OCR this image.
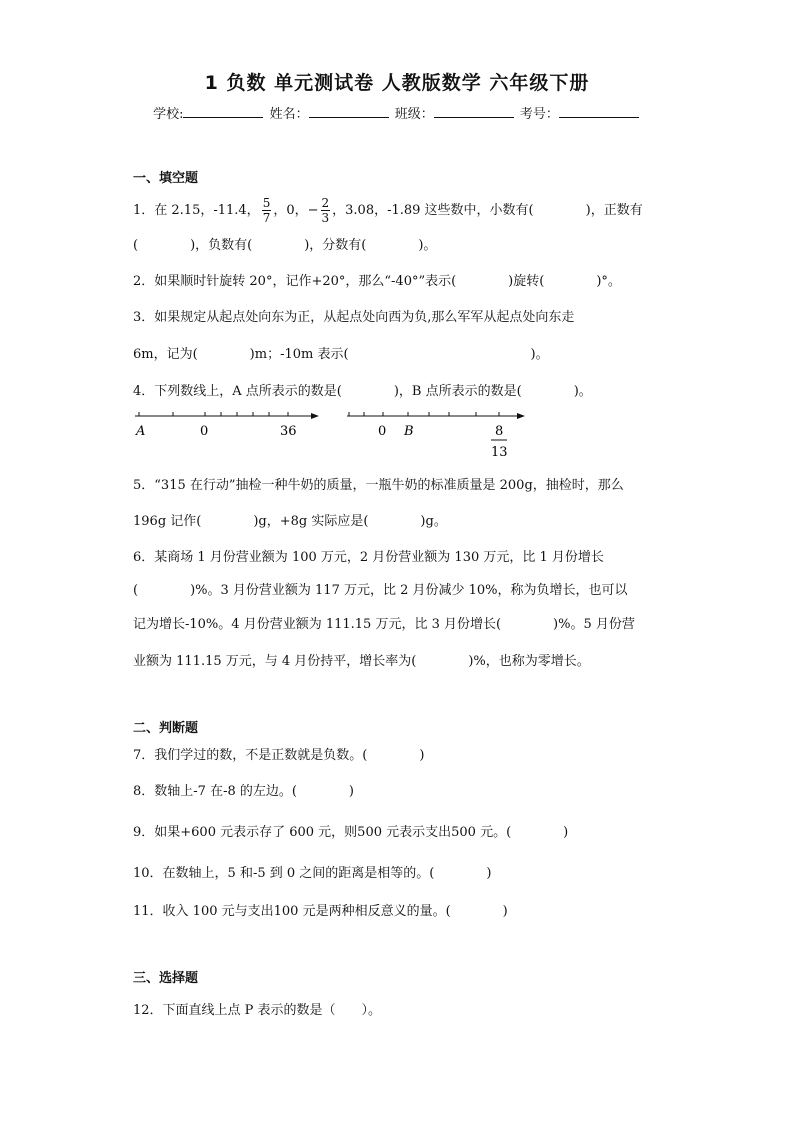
1 负数 单元测试卷 人教版数学 六年级下册
学校:	姓名：	班级：	考号：
一、填空题
1．在 2.15，-11.4， $\frac{5}{7}$ ，0，− $\frac{2}{3}$ ，3.08，-1.89 这些数中，小数有(　　　　)，正数有
(　　　　)，负数有(　　　　)，分数有(　　　　)。
2．如果顺时针旋转 20°，记作+20°，那么“-40°”表示(　　　　)旋转(　　　　)°。
3．如果规定从起点处向东为正，从起点处向西为负,那么军军从起点处向东走
6m，记为(　　　　)m；-10m 表示(　　　　　　　　　　　　　　)。
4．下列数线上，A 点所表示的数是(　　　　)，B 点所表示的数是(　　　　)。
A	0	36	0 B	8
13
5．“315 在行动”抽检一种牛奶的质量，一瓶牛奶的标准质量是 200g，抽检时，那么
196g 记作(　　　　)g，+8g 实际应是(　　　　)g。
6．某商场 1 月份营业额为 100 万元，2 月份营业额为 130 万元，比 1 月份增长
(　　　　)%。3 月份营业额为 117 万元，比 2 月份减少 10%，称为负增长，也可以
记为增长-10%。4 月份营业额为 111.15 万元，比 3 月份增长(　　　　)%。5 月份营
业额为 111.15 万元，与 4 月份持平，增长率为(　　　　)%，也称为零增长。
二、判断题
7．我们学过的数，不是正数就是负数。(　　　　)
8．数轴上-7 在-8 的左边。(　　　　)
9．如果+600 元表示存了 600 元，则500 元表示支出500 元。(　　　　)
10．在数轴上，5 和-5 到 0 之间的距离是相等的。(　　　　)
11．收入 100 元与支出100 元是两种相反意义的量。(　　　　)
三、选择题
12．下面直线上点 P 表示的数是（　　）。
